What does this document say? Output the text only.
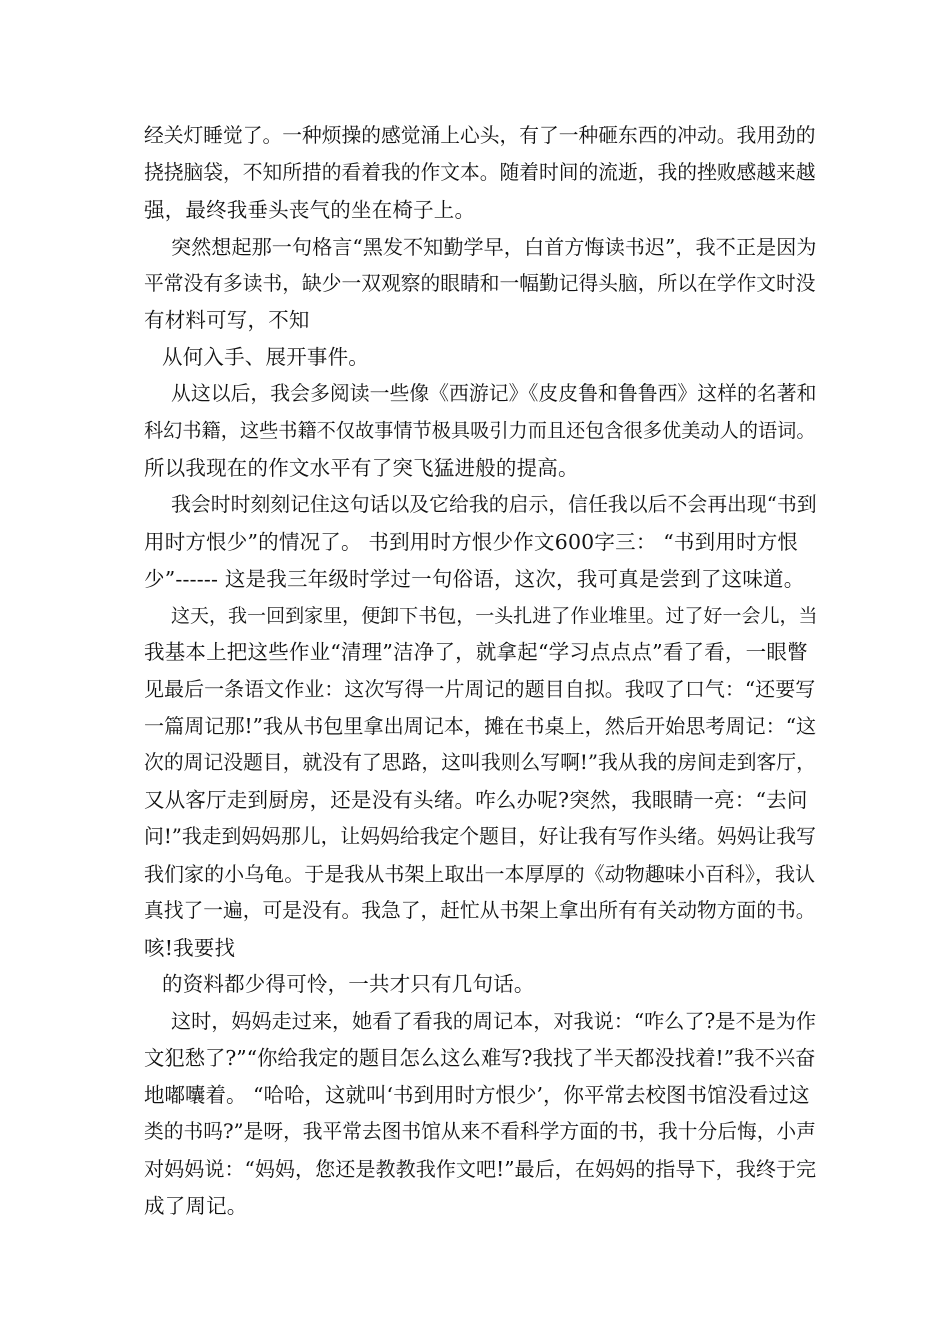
经关灯睡觉了。一种烦操的感觉涌上心头，有了一种砸东西的冲动。我用劲的
挠挠脑袋，不知所措的看着我的作文本。随着时间的流逝，我的挫败感越来越
强，最终我垂头丧气的坐在椅子上。
突然想起那一句格言“黑发不知勤学早，白首方悔读书迟”，我不正是因为
平常没有多读书，缺少一双观察的眼睛和一幅勤记得头脑，所以在学作文时没
有材料可写，不知
从何入手、展开事件。
从这以后，我会多阅读一些像《西游记》《皮皮鲁和鲁鲁西》这样的名著和
科幻书籍，这些书籍不仅故事情节极具吸引力而且还包含很多优美动人的语词。
所以我现在的作文水平有了突飞猛进般的提高。
我会时时刻刻记住这句话以及它给我的启示，信任我以后不会再出现“书到
用时方恨少”的情况了。 书到用时方恨少作文600字三： “书到用时方恨
少”------ 这是我三年级时学过一句俗语，这次，我可真是尝到了这味道。
这天，我一回到家里，便卸下书包，一头扎进了作业堆里。过了好一会儿，当
我基本上把这些作业“清理”洁净了，就拿起“学习点点点”看了看，一眼瞥
见最后一条语文作业：这次写得一片周记的题目自拟。我叹了口气：“还要写
一篇周记那!”我从书包里拿出周记本，摊在书桌上，然后开始思考周记：“这
次的周记没题目，就没有了思路，这叫我则么写啊!”我从我的房间走到客厅，
又从客厅走到厨房，还是没有头绪。咋么办呢?突然，我眼睛一亮：“去问
问!”我走到妈妈那儿，让妈妈给我定个题目，好让我有写作头绪。妈妈让我写
我们家的小乌龟。于是我从书架上取出一本厚厚的《动物趣味小百科》，我认
真找了一遍，可是没有。我急了，赶忙从书架上拿出所有有关动物方面的书。
咳!我要找
的资料都少得可怜，一共才只有几句话。
这时，妈妈走过来，她看了看我的周记本，对我说：“咋么了?是不是为作
文犯愁了?”“你给我定的题目怎么这么难写?我找了半天都没找着!”我不兴奋
地嘟囔着。 “哈哈，这就叫‘书到用时方恨少’，你平常去校图书馆没看过这
类的书吗?”是呀，我平常去图书馆从来不看科学方面的书，我十分后悔，小声
对妈妈说：“妈妈，您还是教教我作文吧!”最后，在妈妈的指导下，我终于完
成了周记。
